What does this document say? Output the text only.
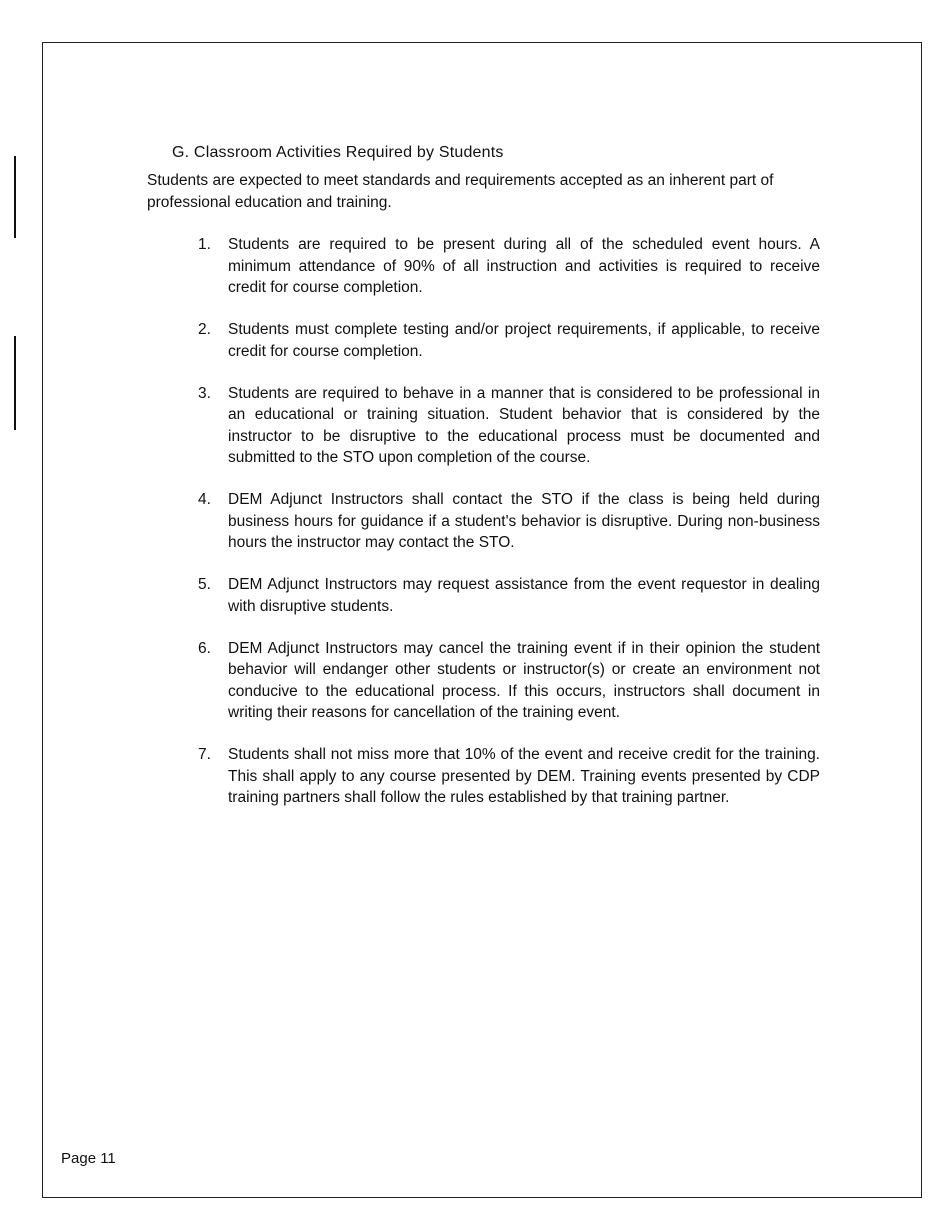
G. Classroom Activities Required by Students

Students are expected to meet standards and requirements accepted as an inherent part of professional education and training.

1.	Students are required to be present during all of the scheduled event hours. A minimum attendance of 90% of all instruction and activities is required to receive credit for course completion.
2.	Students must complete testing and/or project requirements, if applicable, to receive credit for course completion.
3.	Students are required to behave in a manner that is considered to be professional in an educational or training situation. Student behavior that is considered by the instructor to be disruptive to the educational process must be documented and submitted to the STO upon completion of the course.
4.	DEM Adjunct Instructors shall contact the STO if the class is being held during business hours for guidance if a student's behavior is disruptive. During non-business hours the instructor may contact the STO.
5.	DEM Adjunct Instructors may request assistance from the event requestor in dealing with disruptive students.
6.	DEM Adjunct Instructors may cancel the training event if in their opinion the student behavior will endanger other students or instructor(s) or create an environment not conducive to the educational process. If this occurs, instructors shall document in writing their reasons for cancellation of the training event.
7.	Students shall not miss more that 10% of the event and receive credit for the training. This shall apply to any course presented by DEM. Training events presented by CDP training partners shall follow the rules established by that training partner.
Page 11
